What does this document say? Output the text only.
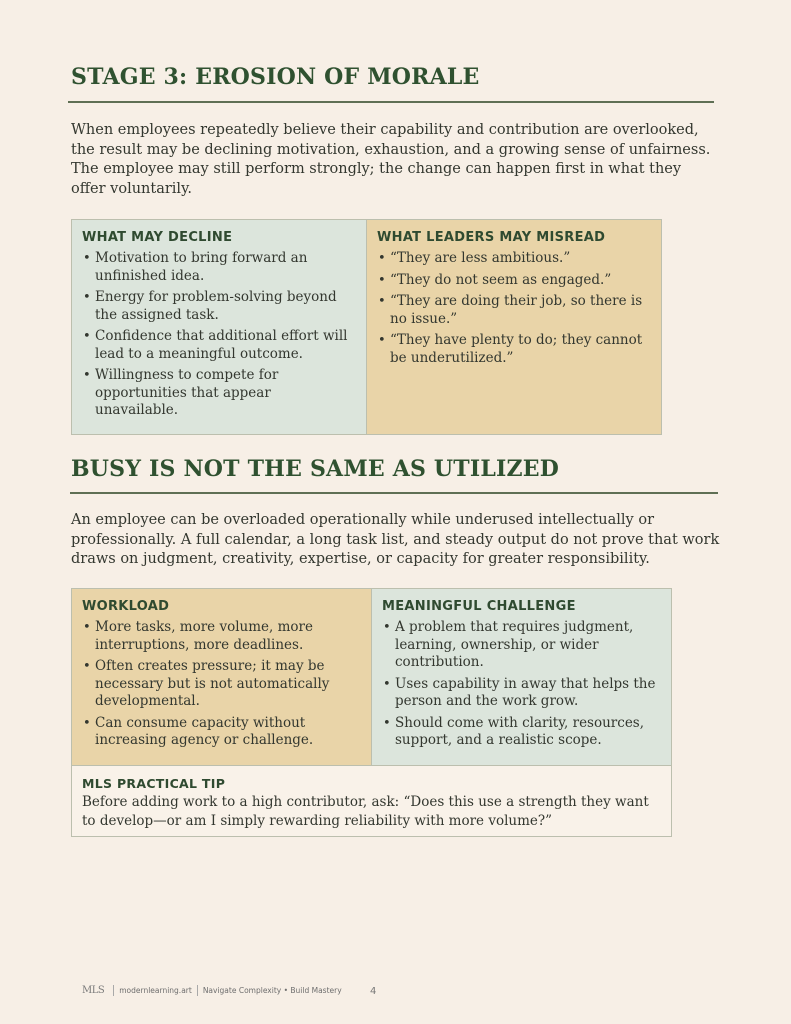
STAGE 3: EROSION OF MORALE

When employees repeatedly believe their capability and contribution are overlooked, the result may be declining motivation, exhaustion, and a growing sense of unfairness. The employee may still perform strongly; the change can happen first in what they offer voluntarily.

WHAT MAY DECLINE
• Motivation to bring forward an unfinished idea.
• Energy for problem-solving beyond the assigned task.
• Confidence that additional effort will lead to a meaningful outcome.
• Willingness to compete for opportunities that appear unavailable.
WHAT LEADERS MAY MISREAD
• “They are less ambitious.”
• “They do not seem as engaged.”
• “They are doing their job, so there is no issue.”
• “They have plenty to do; they cannot be underutilized.”
BUSY IS NOT THE SAME AS UTILIZED

An employee can be overloaded operationally while underused intellectually or professionally. A full calendar, a long task list, and steady output do not prove that work draws on judgment, creativity, expertise, or capacity for greater responsibility.

WORKLOAD
• More tasks, more volume, more interruptions, more deadlines.
• Often creates pressure; it may be necessary but is not automatically developmental.
• Can consume capacity without increasing agency or challenge.
MEANINGFUL CHALLENGE
• A problem that requires judgment, learning, ownership, or wider contribution.
• Uses capability in away that helps the person and the work grow.
• Should come with clarity, resources, support, and a realistic scope.
MLS PRACTICAL TIP

Before adding work to a high contributor, ask: “Does this use a strength they want to develop—or am I simply rewarding reliability with more volume?”

MLS modernlearning.art Navigate Complexity • Build Mastery	4
